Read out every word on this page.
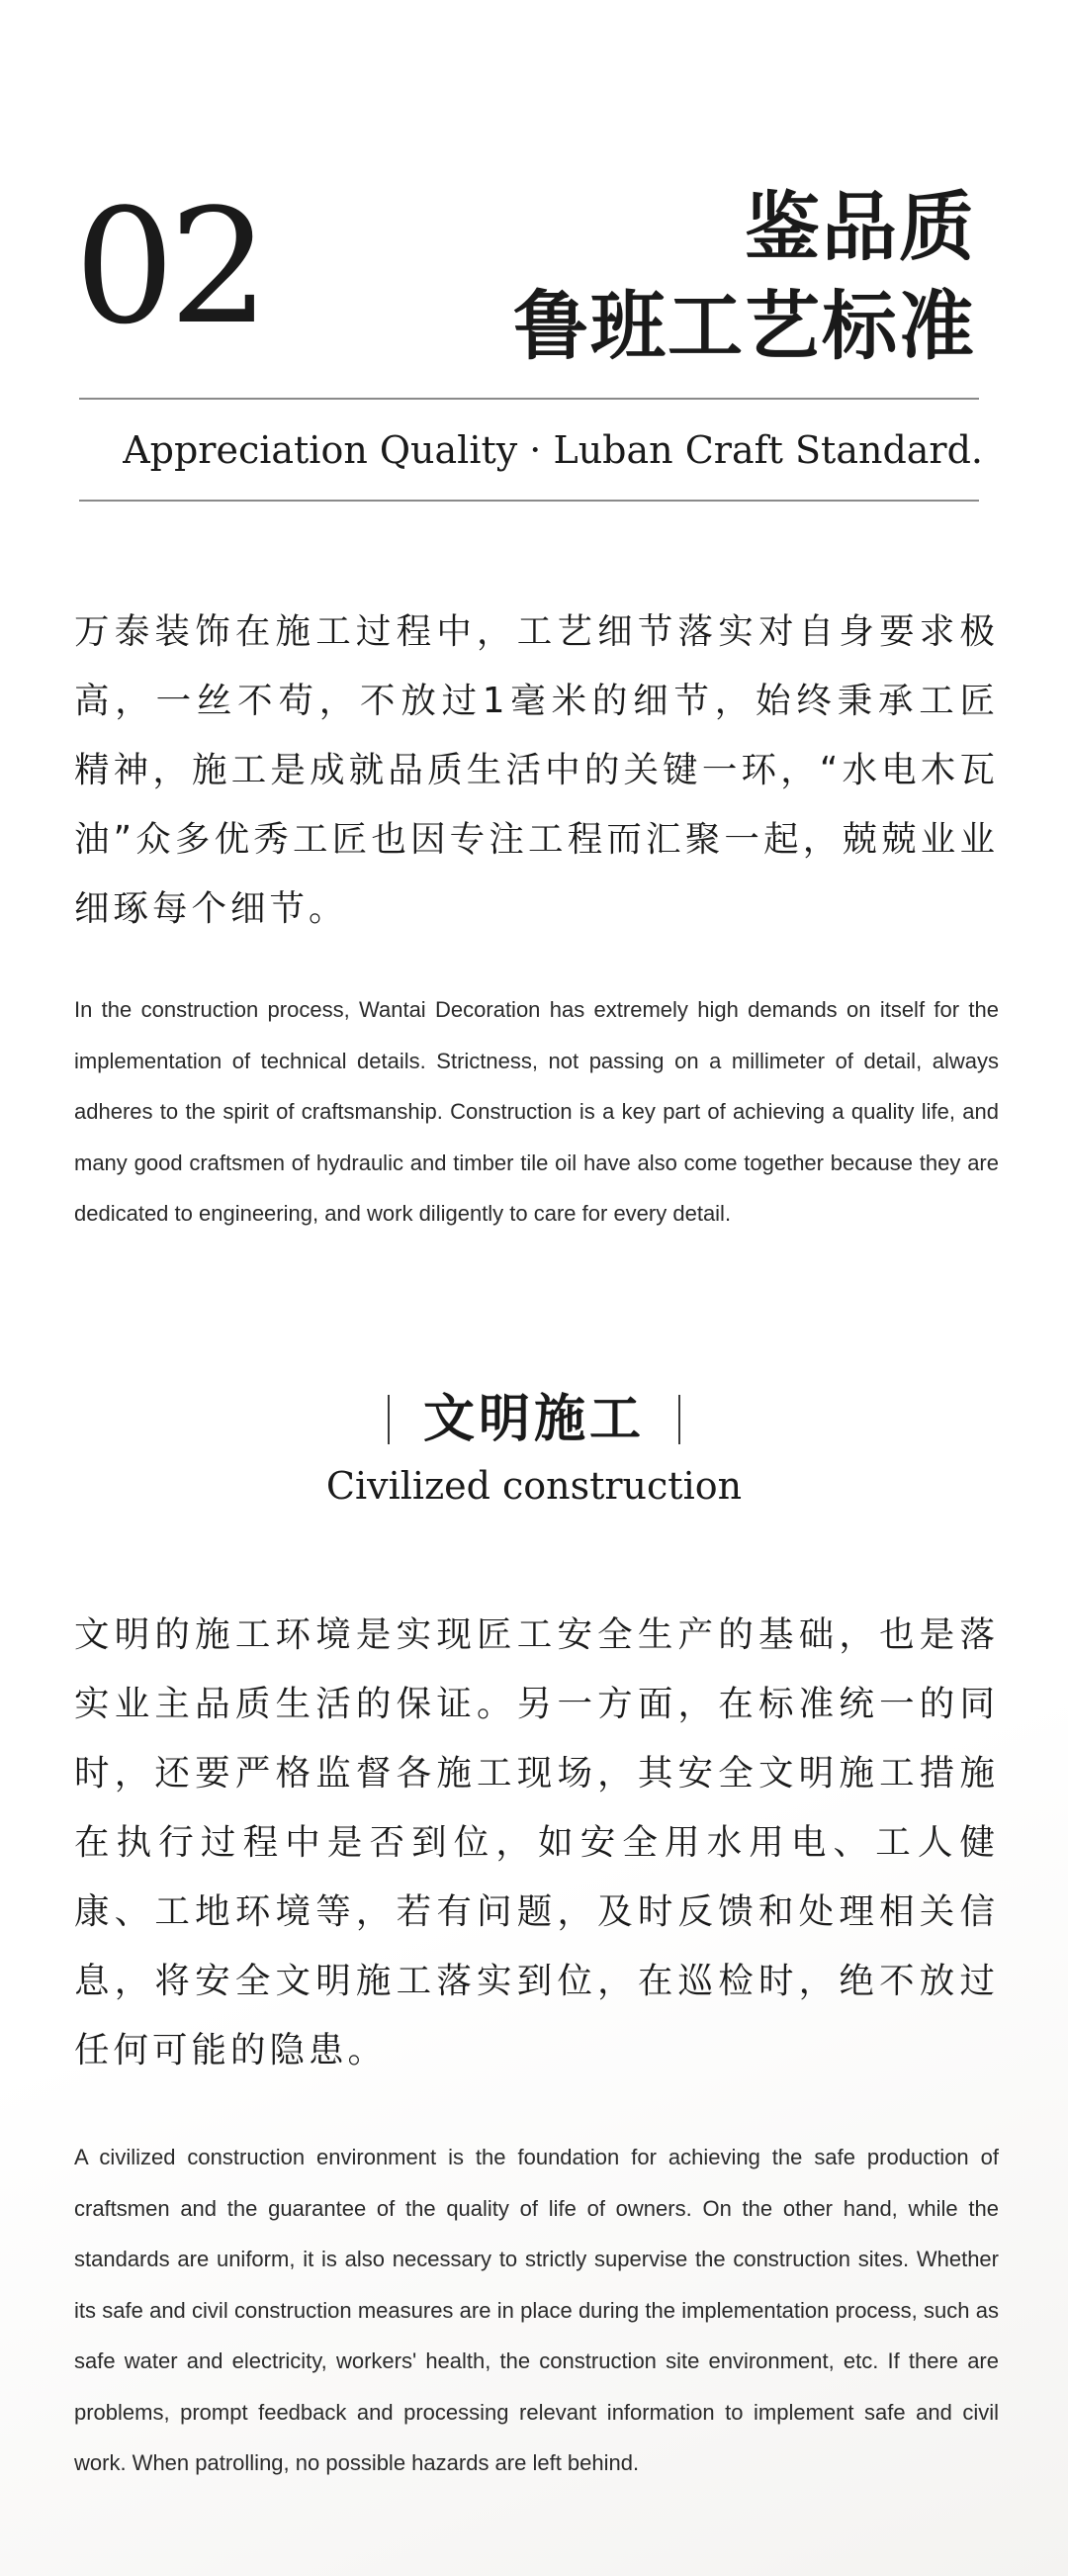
02	鉴品质
鲁班工艺标准
Appreciation Quality · Luban Craft Standard.
万泰装饰在施工过程中，工艺细节落实对自身要求极高，一丝不苟，不放过1毫米的细节，始终秉承工匠精神，施工是成就品质生活中的关键一环，“水电木瓦油”众多优秀工匠也因专注工程而汇聚一起，兢兢业业细琢每个细节。
In the construction process, Wantai Decoration has extremely high demands on itself for the implementation of technical details. Strictness, not passing on a millimeter of detail, always adheres to the spirit of craftsmanship. Construction is a key part of achieving a quality life, and many good craftsmen of hydraulic and timber tile oil have also come together because they are dedicated to engineering, and work diligently to care for every detail.
文明施工
Civilized construction
文明的施工环境是实现匠工安全生产的基础，也是落实业主品质生活的保证。另一方面，在标准统一的同时，还要严格监督各施工现场，其安全文明施工措施在执行过程中是否到位，如安全用水用电、工人健康、工地环境等，若有问题，及时反馈和处理相关信息，将安全文明施工落实到位，在巡检时，绝不放过任何可能的隐患。
A civilized construction environment is the foundation for achieving the safe production of craftsmen and the guarantee of the quality of life of owners. On the other hand, while the standards are uniform, it is also necessary to strictly supervise the construction sites. Whether its safe and civil construction measures are in place during the implementation process, such as safe water and electricity, workers' health, the construction site environment, etc. If there are problems, prompt feedback and processing relevant information to implement safe and civil work. When patrolling, no possible hazards are left behind.
